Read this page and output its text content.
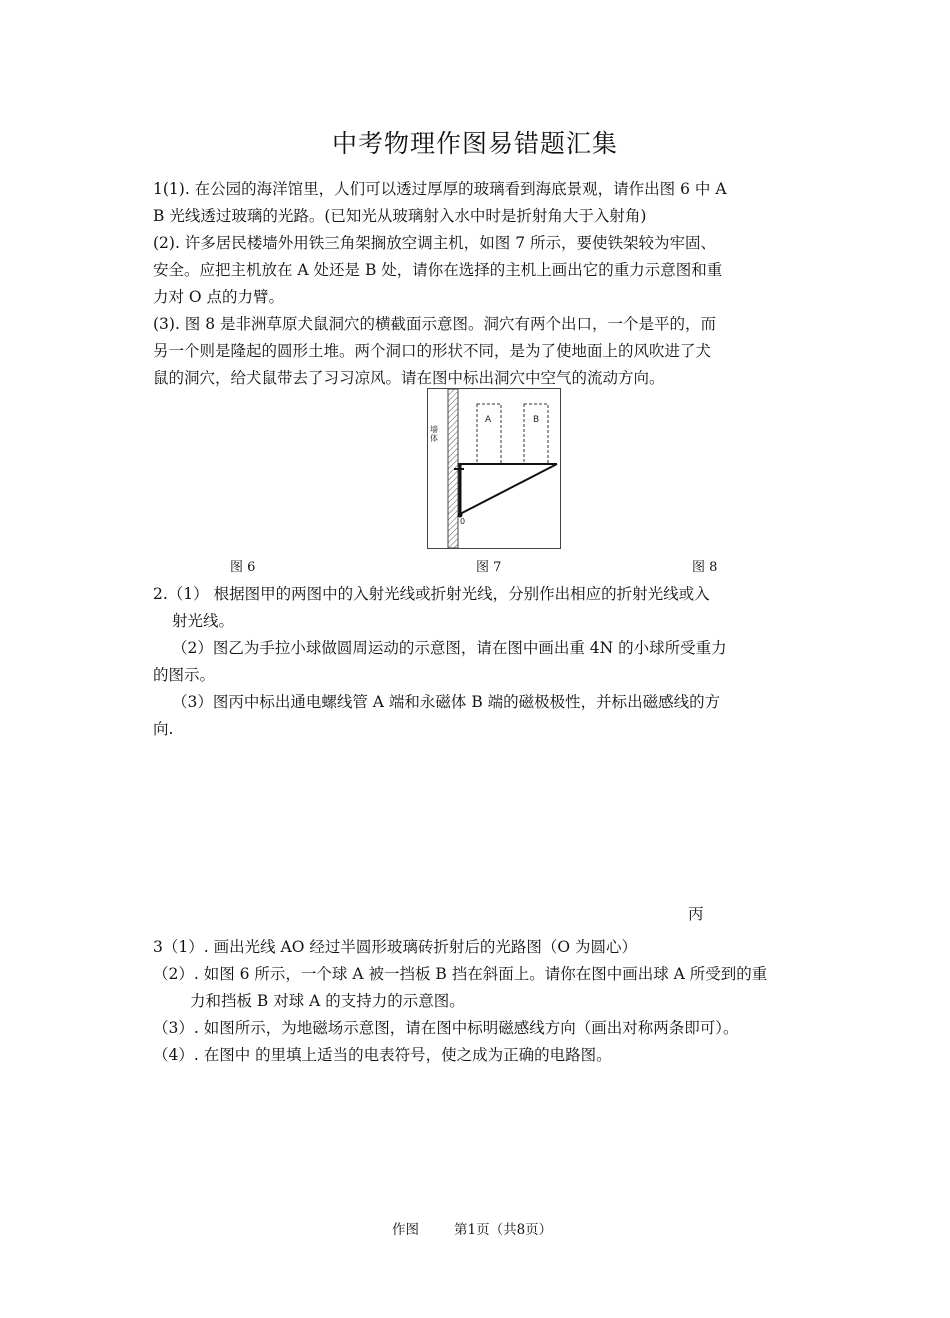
中考物理作图易错题汇集
1(1). 在公园的海洋馆里，人们可以透过厚厚的玻璃看到海底景观，请作出图 6 中 A
B 光线透过玻璃的光路。(已知光从玻璃射入水中时是折射角大于入射角)
(2). 许多居民楼墙外用铁三角架搁放空调主机，如图 7 所示，要使铁架较为牢固、
安全。应把主机放在 A 处还是 B 处，请你在选择的主机上画出它的重力示意图和重
力对 O 点的力臂。
(3). 图 8 是非洲草原犬鼠洞穴的横截面示意图。洞穴有两个出口，一个是平的，而
另一个则是隆起的圆形土堆。两个洞口的形状不同，是为了使地面上的风吹进了犬
鼠的洞穴，给犬鼠带去了习习凉风。请在图中标出洞穴中空气的流动方向。
墙 体
A	B
0
图 6	图 7	图 8
2.（1） 根据图甲的两图中的入射光线或折射光线，分别作出相应的折射光线或入
射光线。
（2）图乙为手拉小球做圆周运动的示意图，请在图中画出重 4N 的小球所受重力
的图示。
（3）图丙中标出通电螺线管 A 端和永磁体 B 端的磁极极性，并标出磁感线的方
向.
丙
3（1）. 画出光线 AO 经过半圆形玻璃砖折射后的光路图（O 为圆心）
（2）. 如图 6 所示，一个球 A 被一挡板 B 挡在斜面上。请你在图中画出球 A 所受到的重
力和挡板 B 对球 A 的支持力的示意图。
（3）. 如图所示，为地磁场示意图，请在图中标明磁感线方向（画出对称两条即可）。
（4）. 在图中 的里填上适当的电表符号，使之成为正确的电路图。
作图	第1页（共8页）
